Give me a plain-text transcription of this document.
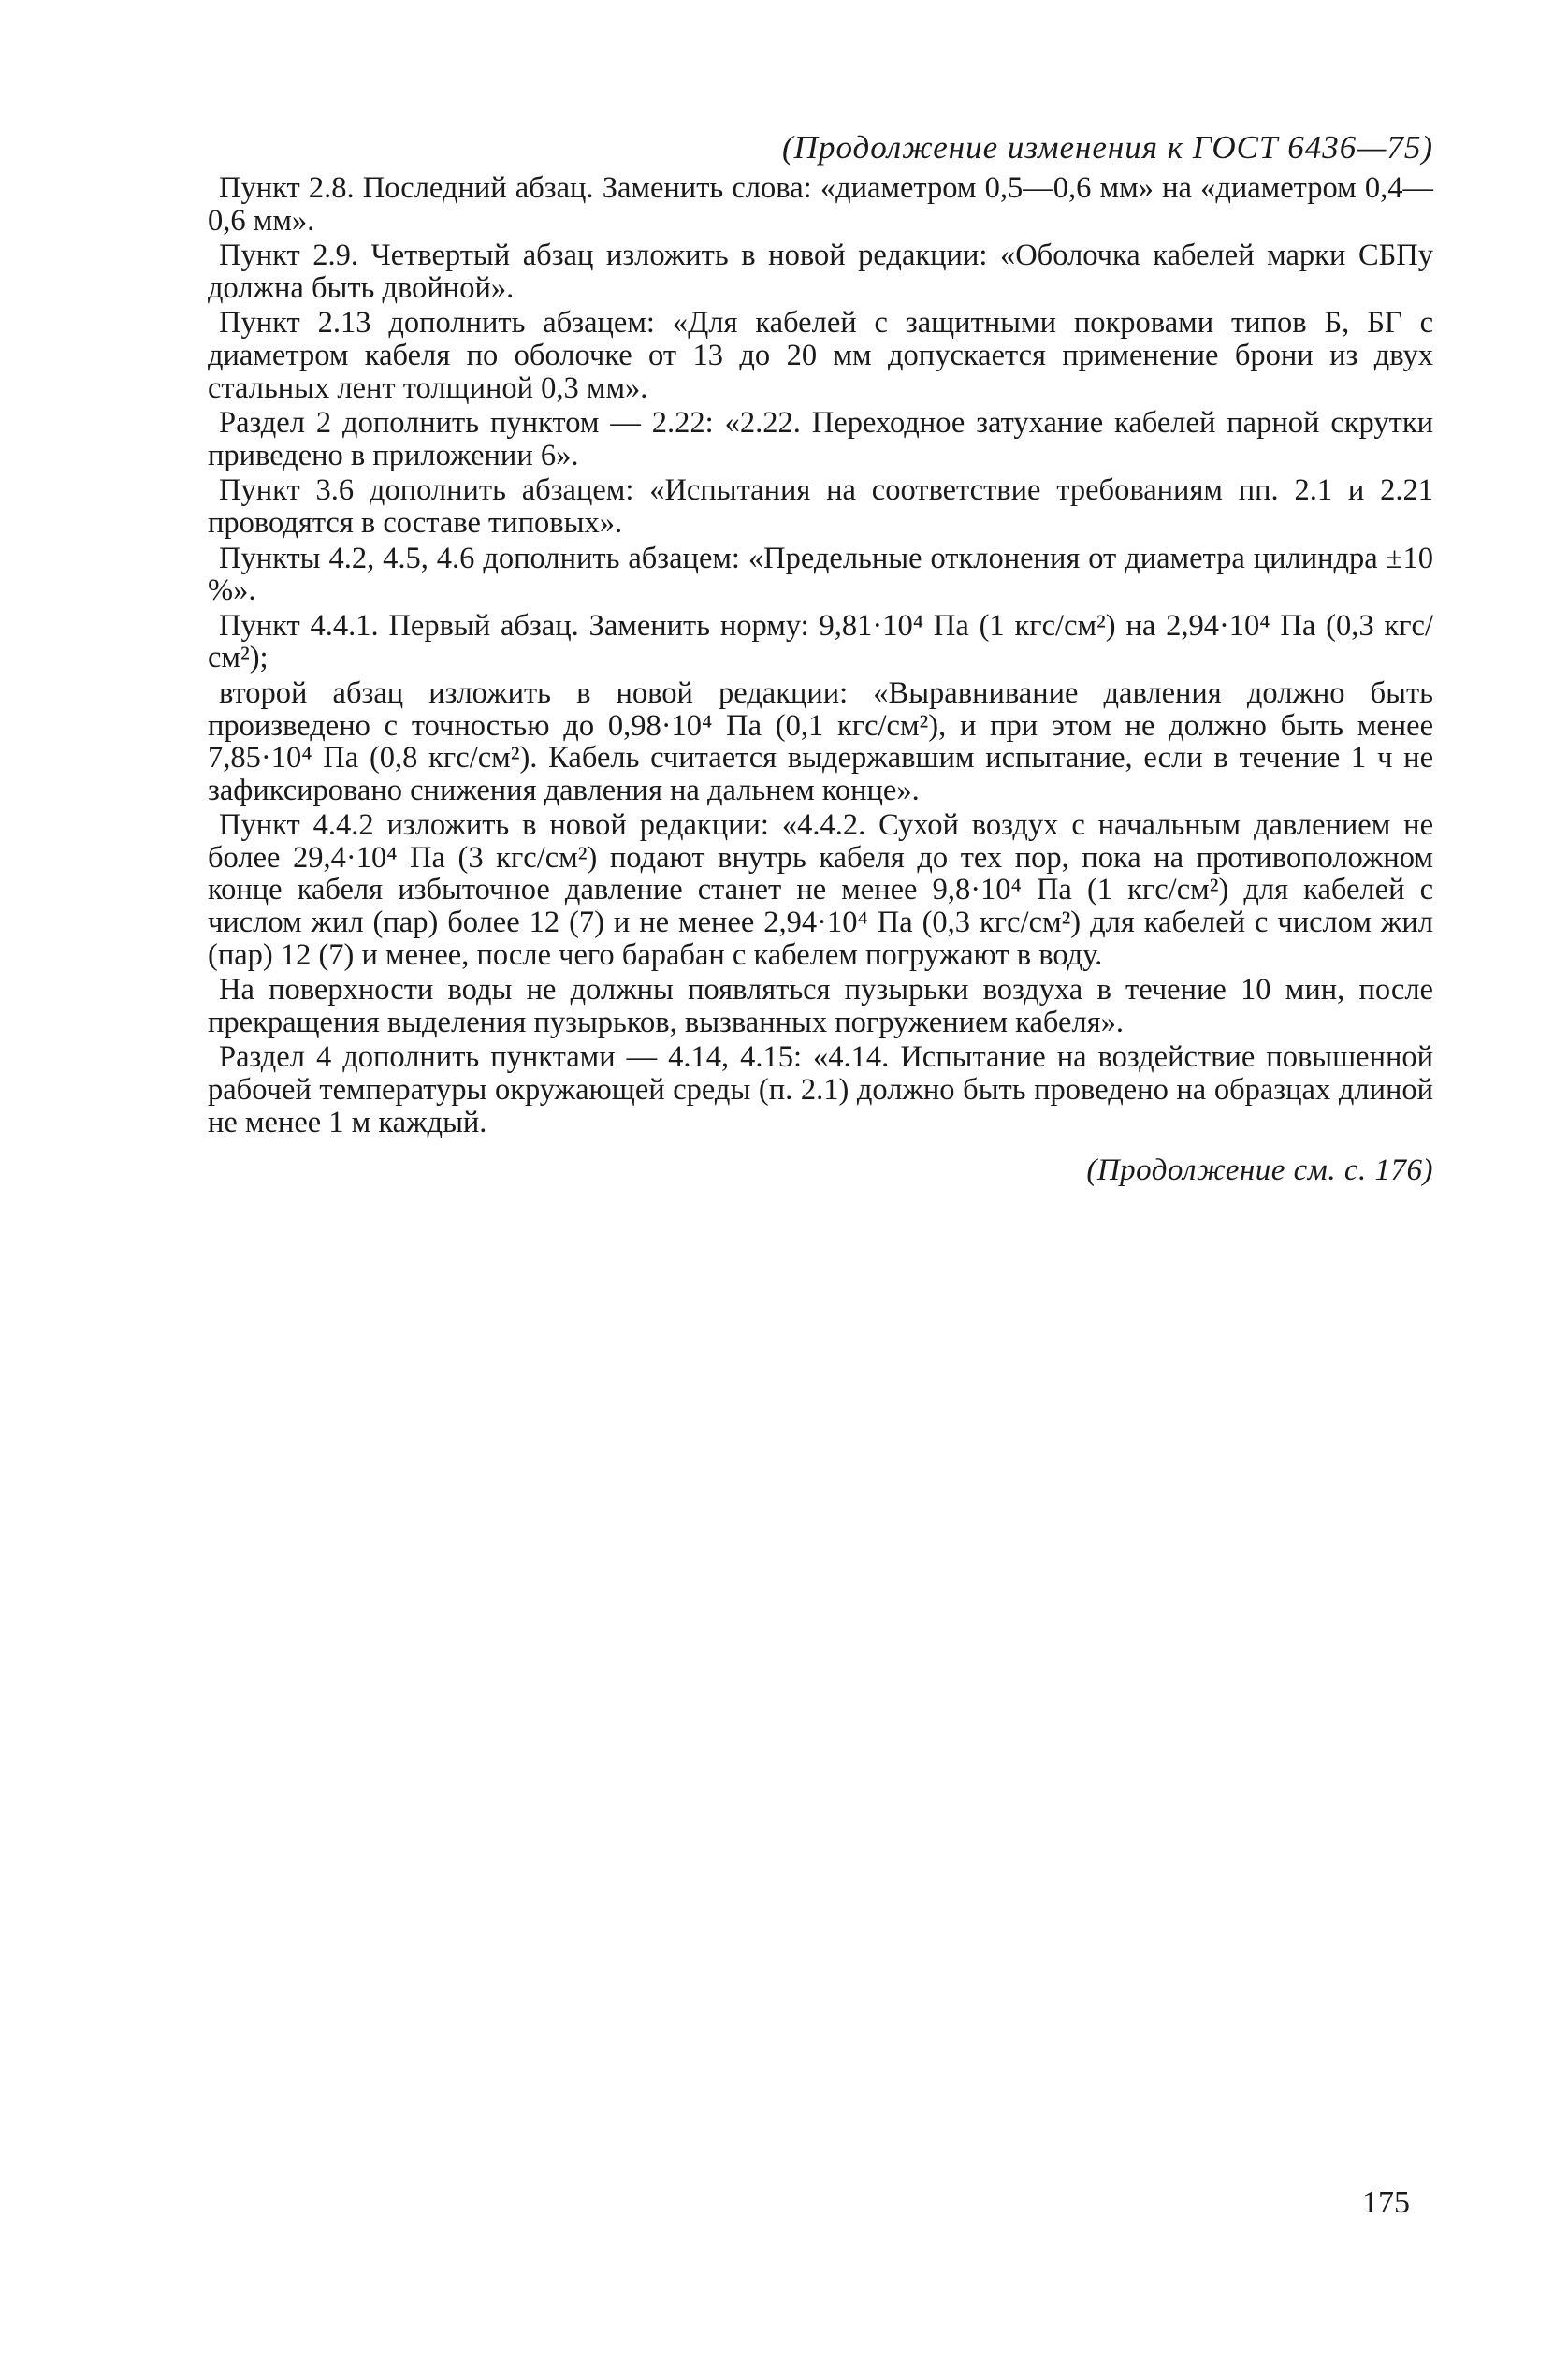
(Продолжение изменения к ГОСТ 6436—75)

Пункт 2.8. Последний абзац. Заменить слова: «диаметром 0,5—0,6 мм» на «диаметром 0,4—0,6 мм».

Пункт 2.9. Четвертый абзац изложить в новой редакции: «Оболочка кабелей марки СБПу должна быть двойной».

Пункт 2.13 дополнить абзацем: «Для кабелей с защитными покровами типов Б, БГ с диаметром кабеля по оболочке от 13 до 20 мм допускается применение брони из двух стальных лент толщиной 0,3 мм».

Раздел 2 дополнить пунктом — 2.22: «2.22. Переходное затухание кабелей парной скрутки приведено в приложении 6».

Пункт 3.6 дополнить абзацем: «Испытания на соответствие требованиям пп. 2.1 и 2.21 проводятся в составе типовых».

Пункты 4.2, 4.5, 4.6 дополнить абзацем: «Предельные отклонения от диаметра цилиндра ±10 %».

Пункт 4.4.1. Первый абзац. Заменить норму: 9,81·10⁴ Па (1 кгс/см²) на 2,94·10⁴ Па (0,3 кгс/см²);

второй абзац изложить в новой редакции: «Выравнивание давления должно быть произведено с точностью до 0,98·10⁴ Па (0,1 кгс/см²), и при этом не должно быть менее 7,85·10⁴ Па (0,8 кгс/см²). Кабель считается выдержавшим испытание, если в течение 1 ч не зафиксировано снижения давления на дальнем конце».

Пункт 4.4.2 изложить в новой редакции: «4.4.2. Сухой воздух с начальным давлением не более 29,4·10⁴ Па (3 кгс/см²) подают внутрь кабеля до тех пор, пока на противоположном конце кабеля избыточное давление станет не менее 9,8·10⁴ Па (1 кгс/см²) для кабелей с числом жил (пар) более 12 (7) и не менее 2,94·10⁴ Па (0,3 кгс/см²) для кабелей с числом жил (пар) 12 (7) и менее, после чего барабан с кабелем погружают в воду.

На поверхности воды не должны появляться пузырьки воздуха в течение 10 мин, после прекращения выделения пузырьков, вызванных погружением кабеля».

Раздел 4 дополнить пунктами — 4.14, 4.15: «4.14. Испытание на воздействие повышенной рабочей температуры окружающей среды (п. 2.1) должно быть проведено на образцах длиной не менее 1 м каждый.

(Продолжение см. с. 176)
175
